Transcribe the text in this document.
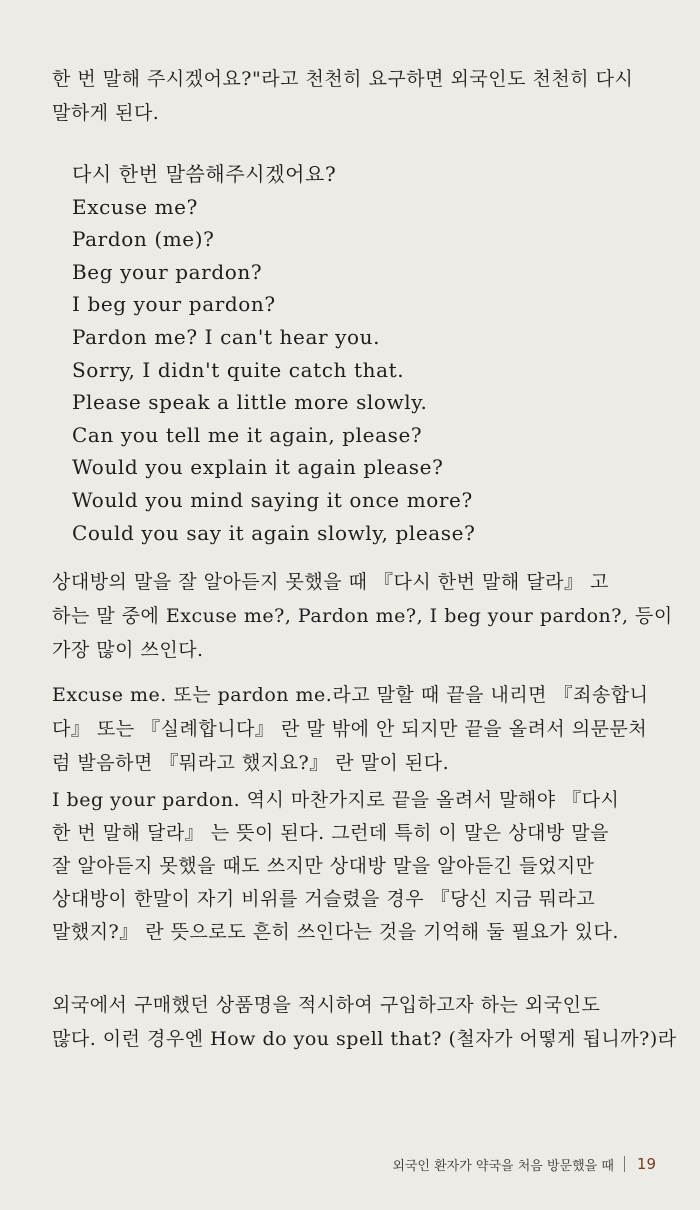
한 번 말해 주시겠어요?"라고 천천히 요구하면 외국인도 천천히 다시
말하게 된다.
다시 한번 말씀해주시겠어요?
Excuse me?
Pardon (me)?
Beg your pardon?
I beg your pardon?
Pardon me? I can't hear you.
Sorry, I didn't quite catch that.
Please speak a little more slowly.
Can you tell me it again, please?
Would you explain it again please?
Would you mind saying it once more?
Could you say it again slowly, please?
상대방의 말을 잘 알아듣지 못했을 때 『다시 한번 말해 달라』 고
하는 말 중에 Excuse me?, Pardon me?, I beg your pardon?, 등이
가장 많이 쓰인다.
Excuse me. 또는 pardon me.라고 말할 때 끝을 내리면 『죄송합니
다』 또는 『실례합니다』 란 말 밖에 안 되지만 끝을 올려서 의문문처
럼 발음하면 『뭐라고 했지요?』 란 말이 된다.
I beg your pardon. 역시 마찬가지로 끝을 올려서 말해야 『다시
한 번 말해 달라』 는 뜻이 된다. 그런데 특히 이 말은 상대방 말을
잘 알아듣지 못했을 때도 쓰지만 상대방 말을 알아듣긴 들었지만
상대방이 한말이 자기 비위를 거슬렸을 경우 『당신 지금 뭐라고
말했지?』 란 뜻으로도 흔히 쓰인다는 것을 기억해 둘 필요가 있다.
외국에서 구매했던 상품명을 적시하여 구입하고자 하는 외국인도
많다. 이런 경우엔 How do you spell that? (철자가 어떻게 됩니까?)라
외국인 환자가 약국을 처음 방문했을 때 19
